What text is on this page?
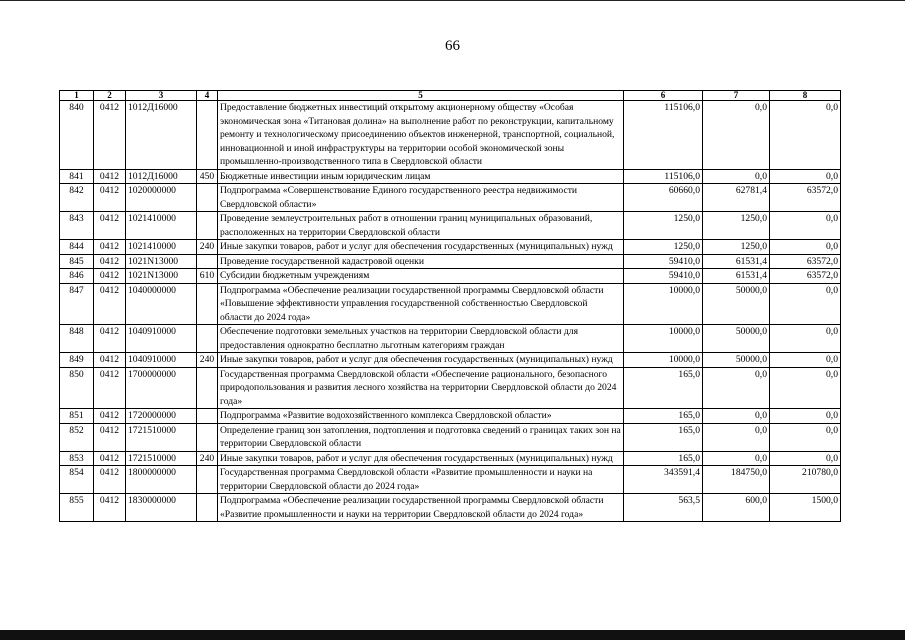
66
1	2	3	4	5	6	7	8
840	0412	1012Д16000		Предоставление бюджетных инвестиций открытому акционерному обществу «Особая экономическая зона «Титановая долина» на выполнение работ по реконструкции, капитальному ремонту и технологическому присоединению объектов инженерной, транспортной, социальной, инновационной и иной инфраструктуры на территории особой экономической зоны промышленно-производственного типа в Свердловской области	115106,0	0,0	0,0
841	0412	1012Д16000	450	Бюджетные инвестиции иным юридическим лицам	115106,0	0,0	0,0
842	0412	1020000000		Подпрограмма «Совершенствование Единого государственного реестра недвижимости Свердловской области»	60660,0	62781,4	63572,0
843	0412	1021410000		Проведение землеустроительных работ в отношении границ муниципальных образований, расположенных на территории Свердловской области	1250,0	1250,0	0,0
844	0412	1021410000	240	Иные закупки товаров, работ и услуг для обеспечения государственных (муниципальных) нужд	1250,0	1250,0	0,0
845	0412	1021N13000		Проведение государственной кадастровой оценки	59410,0	61531,4	63572,0
846	0412	1021N13000	610	Субсидии бюджетным учреждениям	59410,0	61531,4	63572,0
847	0412	1040000000		Подпрограмма «Обеспечение реализации государственной программы Свердловской области «Повышение эффективности управления государственной собственностью Свердловской области до 2024 года»	10000,0	50000,0	0,0
848	0412	1040910000		Обеспечение подготовки земельных участков на территории Свердловской области для предоставления однократно бесплатно льготным категориям граждан	10000,0	50000,0	0,0
849	0412	1040910000	240	Иные закупки товаров, работ и услуг для обеспечения государственных (муниципальных) нужд	10000,0	50000,0	0,0
850	0412	1700000000		Государственная программа Свердловской области «Обеспечение рационального, безопасного природопользования и развития лесного хозяйства на территории Свердловской области до 2024 года»	165,0	0,0	0,0
851	0412	1720000000		Подпрограмма «Развитие водохозяйственного комплекса Свердловской области»	165,0	0,0	0,0
852	0412	1721510000		Определение границ зон затопления, подтопления и подготовка сведений о границах таких зон на территории Свердловской области	165,0	0,0	0,0
853	0412	1721510000	240	Иные закупки товаров, работ и услуг для обеспечения государственных (муниципальных) нужд	165,0	0,0	0,0
854	0412	1800000000		Государственная программа Свердловской области «Развитие промышленности и науки на территории Свердловской области до 2024 года»	343591,4	184750,0	210780,0
855	0412	1830000000		Подпрограмма «Обеспечение реализации государственной программы Свердловской области «Развитие промышленности и науки на территории Свердловской области до 2024 года»	563,5	600,0	1500,0
